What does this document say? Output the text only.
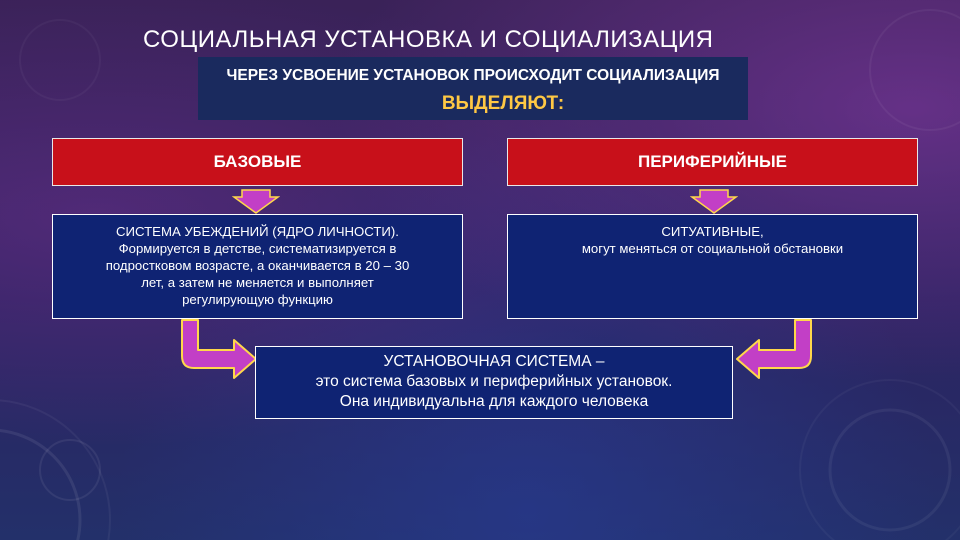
СОЦИАЛЬНАЯ УСТАНОВКА И СОЦИАЛИЗАЦИЯ
ЧЕРЕЗ УСВОЕНИЕ УСТАНОВОК ПРОИСХОДИТ СОЦИАЛИЗАЦИЯ
ВЫДЕЛЯЮТ:
БАЗОВЫЕ	ПЕРИФЕРИЙНЫЕ
СИСТЕМА УБЕЖДЕНИЙ (ЯДРО ЛИЧНОСТИ).
Формируется в детстве, систематизируется в
подростковом возрасте, а оканчивается в 20 – 30
лет, а затем не меняется и выполняет
регулирующую функцию
СИТУАТИВНЫЕ,
могут меняться от социальной обстановки
УСТАНОВОЧНАЯ СИСТЕМА –
это система базовых и периферийных установок.
Она индивидуальна для каждого человека
